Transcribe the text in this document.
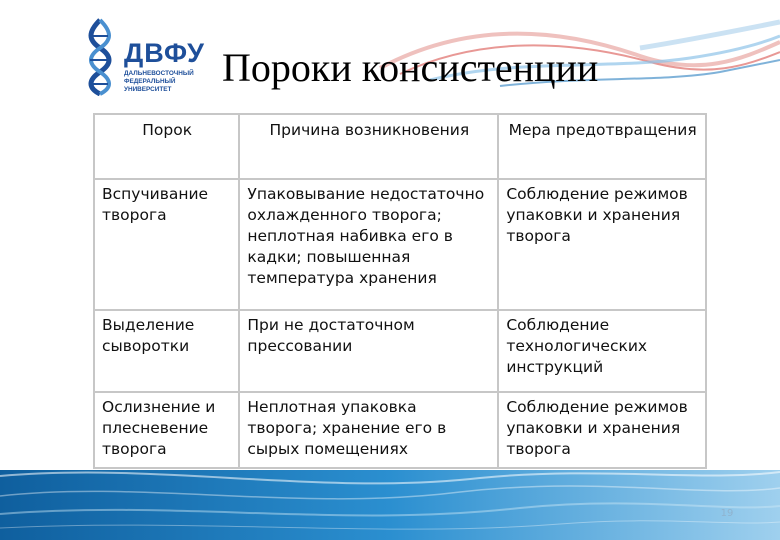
ДВФУ
ДАЛЬНЕВОСТОЧНЫЙ
ФЕДЕРАЛЬНЫЙ
УНИВЕРСИТЕТ	Пороки консистенции
Порок	Причина возникновения	Мера предотвращения
Вспучивание творога	Упаковывание недостаточно охлажденного творога; неплотная набивка его в кадки; повышенная температура хранения	Соблюдение режимов упаковки и хранения творога
Выделение сыворотки	При не достаточном прессовании	Соблюдение технологических инструкций
Ослизнение и плесневение творога	Неплотная упаковка творога; хранение его в сырых помещениях	Соблюдение режимов упаковки и хранения творога
19
